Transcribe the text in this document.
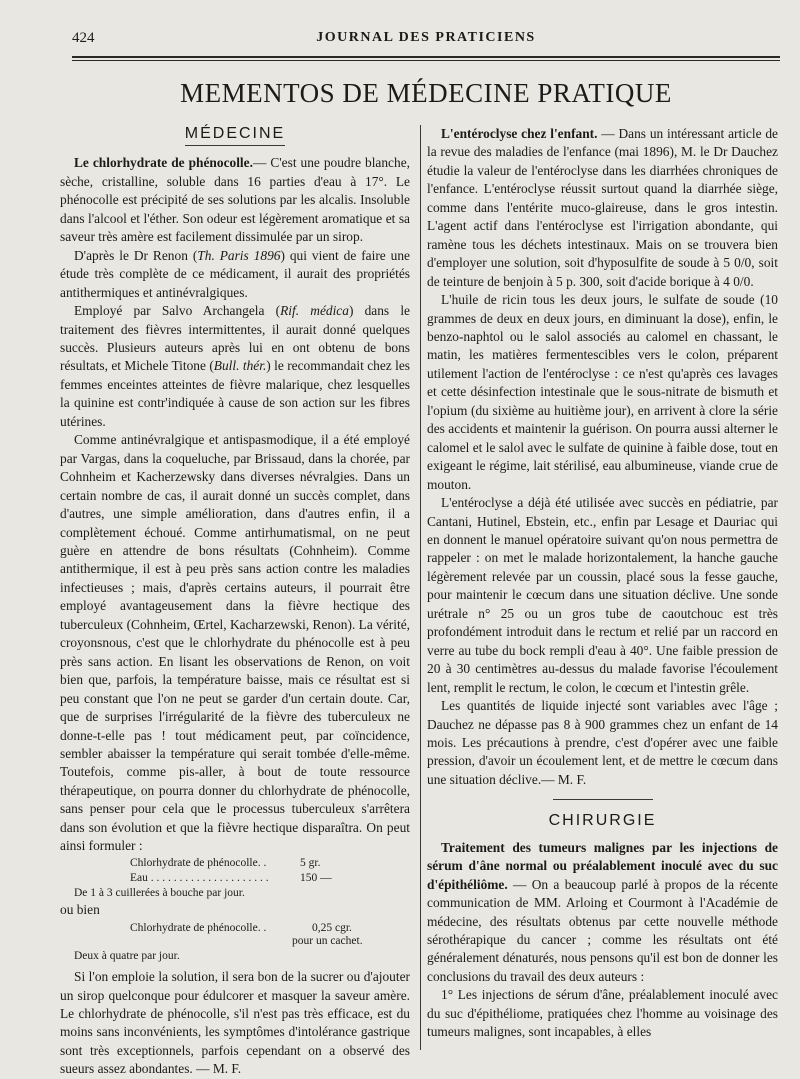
424	JOURNAL DES PRATICIENS
MEMENTOS DE MÉDECINE PRATIQUE
MÉDECINE

Le chlorhydrate de phénocolle.— C'est une poudre blanche, sèche, cristalline, soluble dans 16 parties d'eau à 17°. Le phénocolle est précipité de ses solutions par les alcalis. Insoluble dans l'alcool et l'éther. Son odeur est légèrement aromatique et sa saveur très amère est facilement dissimulée par un sirop.

D'après le Dr Renon (Th. Paris 1896) qui vient de faire une étude très complète de ce médicament, il aurait des propriétés antithermiques et antinévralgiques.

Employé par Salvo Archangela (Rif. médica) dans le traitement des fièvres intermittentes, il aurait donné quelques succès. Plusieurs auteurs après lui en ont obtenu de bons résultats, et Michele Titone (Bull. thér.) le recommandait chez les femmes enceintes atteintes de fièvre malarique, chez lesquelles la quinine est contr'indiquée à cause de son action sur les fibres utérines.

Comme antinévralgique et antispasmodique, il a été employé par Vargas, dans la coqueluche, par Brissaud, dans la chorée, par Cohnheim et Kacherzewsky dans diverses névralgies. Dans un certain nombre de cas, il aurait donné un succès complet, dans d'autres, une simple amélioration, dans d'autres enfin, il a complètement échoué. Comme antirhumatismal, on ne peut guère en attendre de bons résultats (Cohnheim). Comme antithermique, il est à peu près sans action contre les maladies infectieuses ; mais, d'après certains auteurs, il pourrait être employé avantageusement dans la fièvre hectique des tuberculeux (Cohnheim, Œrtel, Kacharzewski, Renon). La vérité, croyonsnous, c'est que le chlorhydrate du phénocolle est à peu près sans action. En lisant les observations de Renon, on voit bien que, parfois, la température baisse, mais ce résultat est si peu constant que l'on ne peut se garder d'un certain doute. Car, que de surprises l'irrégularité de la fièvre des tuberculeux ne donne-t-elle pas ! tout médicament peut, par coïncidence, sembler abaisser la température qui serait tombée d'elle-même. Toutefois, comme pis-aller, à bout de toute ressource thérapeutique, on pourra donner du chlorhydrate de phénocolle, sans penser pour cela que le processus tuberculeux s'arrêtera dans son évolution et que la fièvre hectique disparaîtra. On peut ainsi formuler :

Chlorhydrate de phénocolle. .	5 gr.
Eau . . . . . . . . . . . . . . . . . . . . .	150 —
De 1 à 3 cuillerées à bouche par jour.
ou bien
Chlorhydrate de phénocolle. .	0,25 cgr.
pour un cachet.
Deux à quatre par jour.

Si l'on emploie la solution, il sera bon de la sucrer ou d'ajouter un sirop quelconque pour édulcorer et masquer la saveur amère. Le chlorhydrate de phénocolle, s'il n'est pas très efficace, est du moins sans inconvénients, les symptômes d'intolérance gastrique sont très exceptionnels, parfois cependant on a observé des sueurs assez abondantes. — M. F.

L'entéroclyse chez l'enfant. — Dans un intéressant article de la revue des maladies de l'enfance (mai 1896), M. le Dr Dauchez étudie la valeur de l'entéroclyse dans les diarrhées chroniques de l'enfance. L'entéroclyse réussit surtout quand la diarrhée siège, comme dans l'entérite muco-glaireuse, dans le gros intestin. L'agent actif dans l'entéroclyse est l'irrigation abondante, qui ramène tous les déchets intestinaux. Mais on se trouvera bien d'employer une solution, soit d'hyposulfite de soude à 5 0/0, soit de teinture de benjoin à 5 p. 300, soit d'acide borique à 4 0/0.

L'huile de ricin tous les deux jours, le sulfate de soude (10 grammes de deux en deux jours, en diminuant la dose), enfin, le benzo-naphtol ou le salol associés au calomel en chassant, le matin, les matières fermentescibles vers le colon, préparent utilement l'action de l'entéroclyse : ce n'est qu'après ces lavages et cette désinfection intestinale que le sous-nitrate de bismuth et l'opium (du sixième au huitième jour), en arrivent à clore la série des accidents et maintenir la guérison. On pourra aussi alterner le calomel et le salol avec le sulfate de quinine à faible dose, tout en exigeant le régime, lait stérilisé, eau albumineuse, viande crue de mouton.

L'entéroclyse a déjà été utilisée avec succès en pédiatrie, par Cantani, Hutinel, Ebstein, etc., enfin par Lesage et Dauriac qui en donnent le manuel opératoire suivant qu'on nous permettra de rappeler : on met le malade horizontalement, la hanche gauche légèrement relevée par un coussin, placé sous la fesse gauche, pour maintenir le cœcum dans une situation déclive. Une sonde urétrale n° 25 ou un gros tube de caoutchouc est très profondément introduit dans le rectum et relié par un raccord en verre au tube du bock rempli d'eau à 40°. Une faible pression de 20 à 30 centimètres au-dessus du malade favorise l'écoulement lent, remplit le rectum, le colon, le cœcum et l'intestin grêle.

Les quantités de liquide injecté sont variables avec l'âge ; Dauchez ne dépasse pas 8 à 900 grammes chez un enfant de 14 mois. Les précautions à prendre, c'est d'opérer avec une faible pression, d'avoir un écoulement lent, et de mettre le cœcum dans une situation déclive.— M. F.

CHIRURGIE

Traitement des tumeurs malignes par les injections de sérum d'âne normal ou préalablement inoculé avec du suc d'épithéliôme. — On a beaucoup parlé à propos de la récente communication de MM. Arloing et Courmont à l'Académie de médecine, des résultats obtenus par cette nouvelle méthode sérothérapique du cancer ; comme les résultats ont été généralement dénaturés, nous pensons qu'il est bon de donner les conclusions du travail des deux auteurs :

1° Les injections de sérum d'âne, préalablement inoculé avec du suc d'épithéliome, pratiquées chez l'homme au voisinage des tumeurs malignes, sont incapables, à elles
